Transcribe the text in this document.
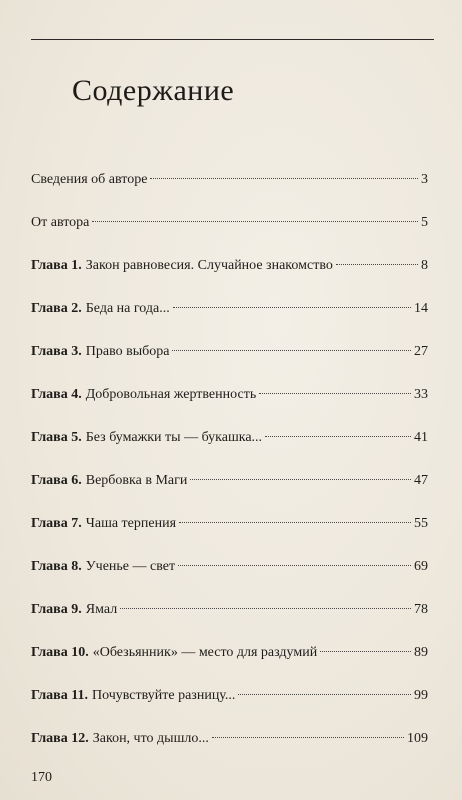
Содержание
Сведения об авторе	3
От автора	5
Глава 1. Закон равновесия. Случайное знакомство	8
Глава 2. Беда на года...	14
Глава 3. Право выбора	27
Глава 4. Добровольная жертвенность	33
Глава 5. Без бумажки ты — букашка...	41
Глава 6. Вербовка в Маги	47
Глава 7. Чаша терпения	55
Глава 8. Ученье — свет	69
Глава 9. Ямал	78
Глава 10. «Обезьянник» — место для раздумий	89
Глава 11. Почувствуйте разницу...	99
Глава 12. Закон, что дышло...	109
170
